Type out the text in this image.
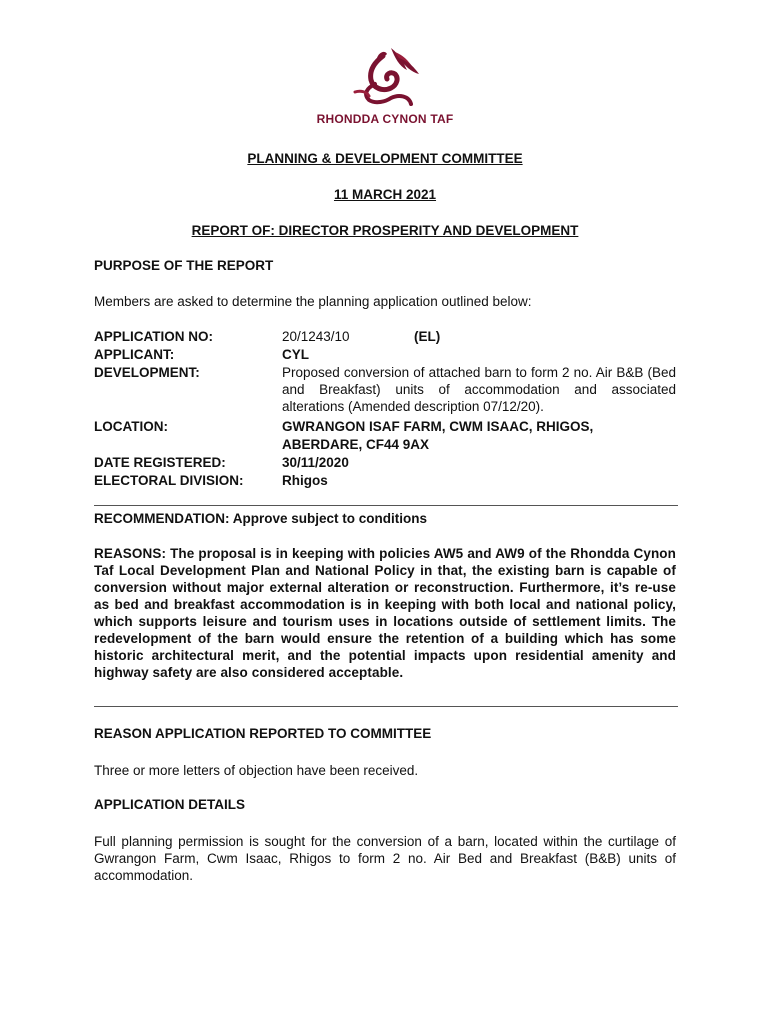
RHONDDA CYNON TAF
PLANNING & DEVELOPMENT COMMITTEE
11 MARCH 2021
REPORT OF: DIRECTOR PROSPERITY AND DEVELOPMENT
PURPOSE OF THE REPORT
Members are asked to determine the planning application outlined below:
APPLICATION NO:	20/1243/10	(EL)
APPLICANT:	CYL
DEVELOPMENT:	Proposed conversion of attached barn to form 2 no. Air B&B (Bed and Breakfast) units of accommodation and associated alterations (Amended description 07/12/20).
LOCATION:	GWRANGON ISAF FARM, CWM ISAAC, RHIGOS,
ABERDARE, CF44 9AX
DATE REGISTERED:	30/11/2020
ELECTORAL DIVISION:	Rhigos
RECOMMENDATION: Approve subject to conditions
REASONS: The proposal is in keeping with policies AW5 and AW9 of the Rhondda Cynon Taf Local Development Plan and National Policy in that, the existing barn is capable of conversion without major external alteration or reconstruction. Furthermore, it’s re-use as bed and breakfast accommodation is in keeping with both local and national policy, which supports leisure and tourism uses in locations outside of settlement limits. The redevelopment of the barn would ensure the retention of a building which has some historic architectural merit, and the potential impacts upon residential amenity and highway safety are also considered acceptable.
REASON APPLICATION REPORTED TO COMMITTEE
Three or more letters of objection have been received.
APPLICATION DETAILS
Full planning permission is sought for the conversion of a barn, located within the curtilage of Gwrangon Farm, Cwm Isaac, Rhigos to form 2 no. Air Bed and Breakfast (B&B) units of accommodation.
